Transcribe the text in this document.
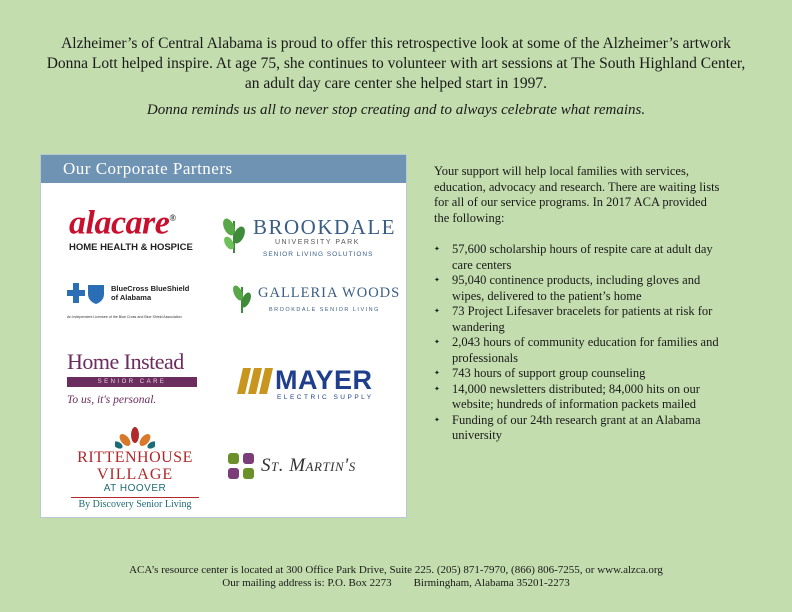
Alzheimer’s of Central Alabama is proud to offer this retrospective look at some of the Alzheimer’s artwork Donna Lott helped inspire. At age 75, she continues to volunteer with art sessions at The South Highland Center, an adult day care center she helped start in 1997.
Donna reminds us all to never stop creating and to always celebrate what remains.
Our Corporate Partners
alacare®
HOME HEALTH & HOSPICE
BROOKDALE
UNIVERSITY PARK
SENIOR LIVING SOLUTIONS
BlueCross BlueShield
of Alabama
An Independent Licensee of the Blue Cross and Blue Shield Association
GALLERIA WOODS
BROOKDALE SENIOR LIVING
Home Instead
SENIOR CARE
To us, it's personal.
MAYER
ELECTRIC SUPPLY
RITTENHOUSE
VILLAGE
AT HOOVER
By Discovery Senior Living
St. Martin's
Your support will help local families with services, education, advocacy and research. There are waiting lists for all of our service programs. In 2017 ACA provided the following:
✦ 57,600 scholarship hours of respite care at adult day care centers
✦ 95,040 continence products, including gloves and wipes, delivered to the patient’s home
✦ 73 Project Lifesaver bracelets for patients at risk for wandering
✦ 2,043 hours of community education for families and professionals
✦ 743 hours of support group counseling
✦ 14,000 newsletters distributed; 84,000 hits on our website; hundreds of information packets mailed
✦ Funding of our 24th research grant at an Alabama university
ACA’s resource center is located at 300 Office Park Drive, Suite 225. (205) 871-7970, (866) 806-7255, or www.alzca.org
Our mailing address is: P.O. Box 2273        Birmingham, Alabama 35201-2273
